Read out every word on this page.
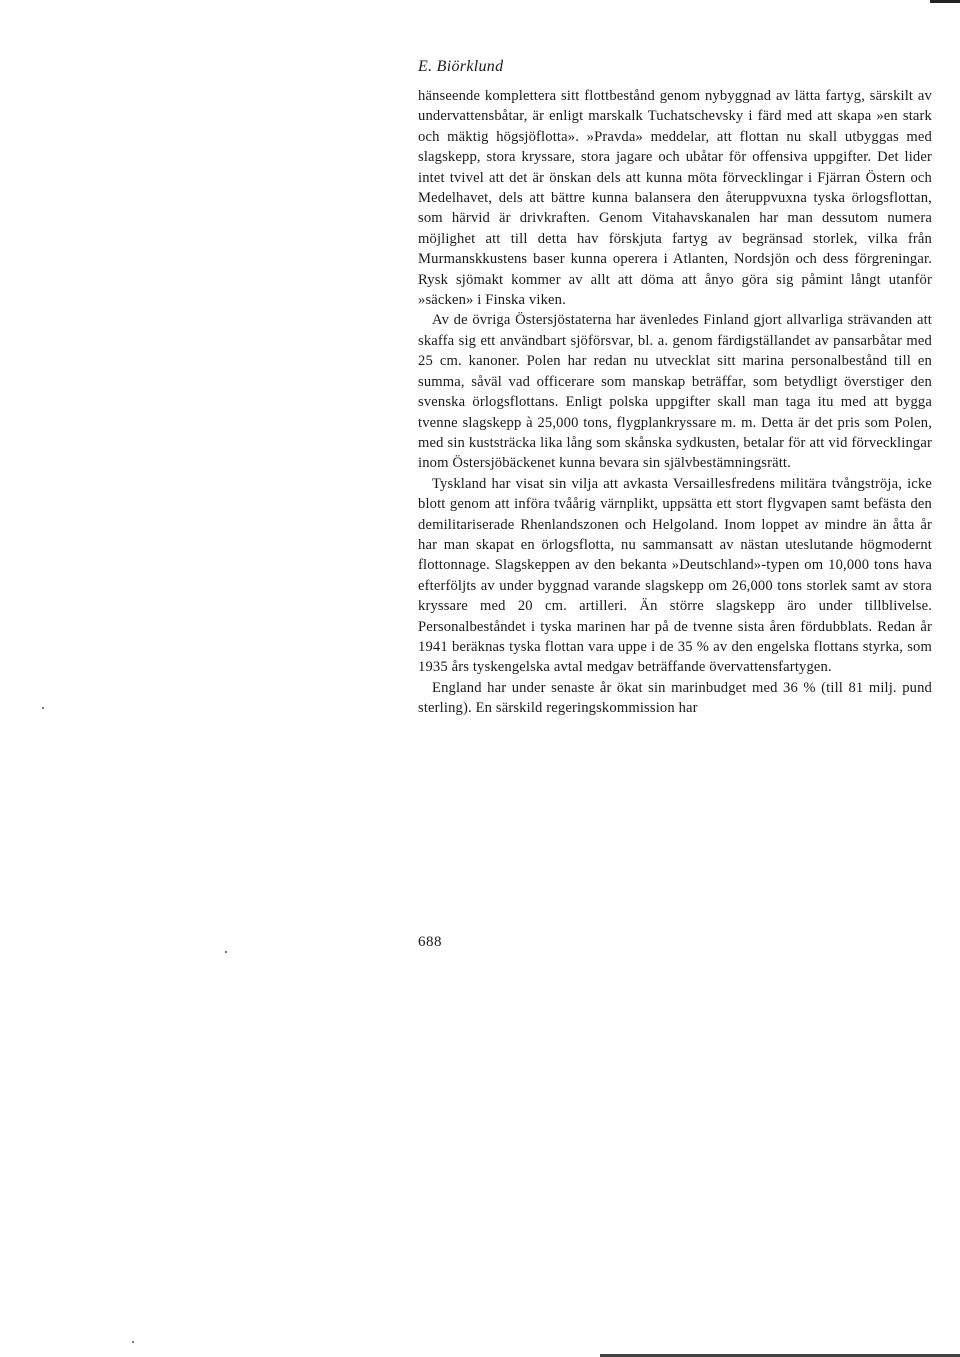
E. Biörklund

hänseende komplettera sitt flottbestånd genom nybyggnad av lätta fartyg, särskilt av undervattensbåtar, är enligt marskalk Tuchatschevsky i färd med att skapa »en stark och mäktig högsjöflotta». »Pravda» meddelar, att flottan nu skall utbyggas med slagskepp, stora kryssare, stora jagare och ubåtar för offensiva uppgifter. Det lider intet tvivel att det är önskan dels att kunna möta förvecklingar i Fjärran Östern och Medelhavet, dels att bättre kunna balansera den återuppvuxna tyska örlogsflottan, som härvid är drivkraften. Genom Vitahavskanalen har man dessutom numera möjlighet att till detta hav förskjuta fartyg av begränsad storlek, vilka från Murmanskkustens baser kunna operera i Atlanten, Nordsjön och dess förgreningar. Rysk sjömakt kommer av allt att döma att ånyo göra sig påmint långt utanför »säcken» i Finska viken.

Av de övriga Östersjöstaterna har ävenledes Finland gjort allvarliga strävanden att skaffa sig ett användbart sjöförsvar, bl. a. genom färdigställandet av pansarbåtar med 25 cm. kanoner. Polen har redan nu utvecklat sitt marina personalbestånd till en summa, såväl vad officerare som manskap beträffar, som betydligt överstiger den svenska örlogsflottans. Enligt polska uppgifter skall man taga itu med att bygga tvenne slagskepp à 25,000 tons, flygplankryssare m. m. Detta är det pris som Polen, med sin kuststräcka lika lång som skånska sydkusten, betalar för att vid förvecklingar inom Östersjöbäckenet kunna bevara sin självbestämningsrätt.

Tyskland har visat sin vilja att avkasta Versaillesfredens militära tvångströja, icke blott genom att införa tvåårig värnplikt, uppsätta ett stort flygvapen samt befästa den demilitariserade Rhenlandszonen och Helgoland. Inom loppet av mindre än åtta år har man skapat en örlogsflotta, nu sammansatt av nästan uteslutande högmodernt flottonnage. Slagskeppen av den bekanta »Deutschland»-typen om 10,000 tons hava efterföljts av under byggnad varande slagskepp om 26,000 tons storlek samt av stora kryssare med 20 cm. artilleri. Än större slagskepp äro under tillblivelse. Personalbeståndet i tyska marinen har på de tvenne sista åren fördubblats. Redan år 1941 beräknas tyska flottan vara uppe i de 35 % av den engelska flottans styrka, som 1935 års tyskengelska avtal medgav beträffande övervattensfartygen.

England har under senaste år ökat sin marinbudget med 36 % (till 81 milj. pund sterling). En särskild regeringskommission har

688
